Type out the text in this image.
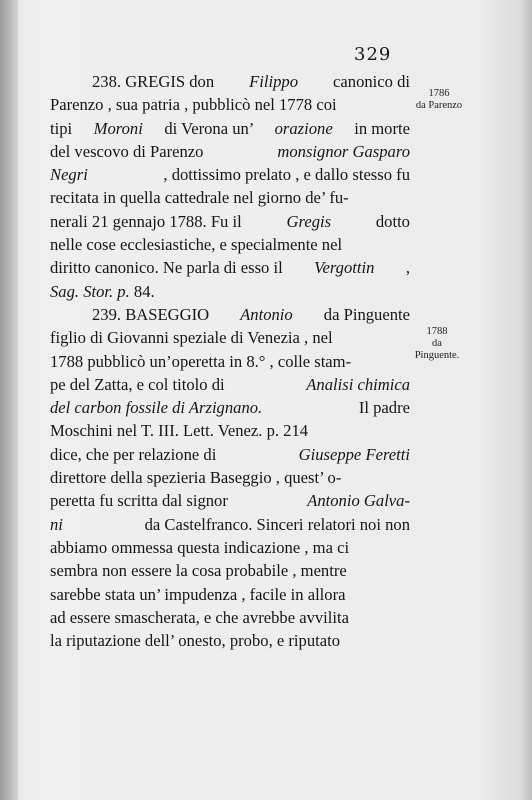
329
238. GREGIS don Filippo canonico di
Parenzo , sua patria , pubblicò nel 1778 coi
tipi Moroni di Verona un’ orazione in morte
del vescovo di Parenzo	monsignor Gasparo
Negri	, dottissimo prelato , e dallo stesso fu
recitata in quella cattedrale nel giorno de’ fu-
nerali 21 gennajo 1788. Fu il Gregis dotto
nelle cose ecclesiastiche, e specialmente nel
diritto canonico. Ne parla di esso il Vergottin ,
Sag. Stor. p. 84.
239. BASEGGIO Antonio da Pinguente
figlio di Giovanni speziale di Venezia , nel
1788 pubblicò un’operetta in 8.° , colle stam-
pe del Zatta, e col titolo di	Analisi chimica
del carbon fossile di Arzignano.	Il padre
Moschini nel T. III. Lett. Venez. p. 214
dice, che per relazione di	Giuseppe Feretti
direttore della spezieria Baseggio , quest’ o-
peretta fu scritta dal signor	Antonio Galva-
ni	da Castelfranco. Sinceri relatori noi non
abbiamo ommessa questa indicazione , ma ci
sembra non essere la cosa probabile , mentre
sarebbe stata un’ impudenza , facile in allora
ad essere smascherata, e che avrebbe avvilita
la riputazione dell’ onesto, probo, e riputato
1786
da Parenzo
1788
da
Pinguente.
